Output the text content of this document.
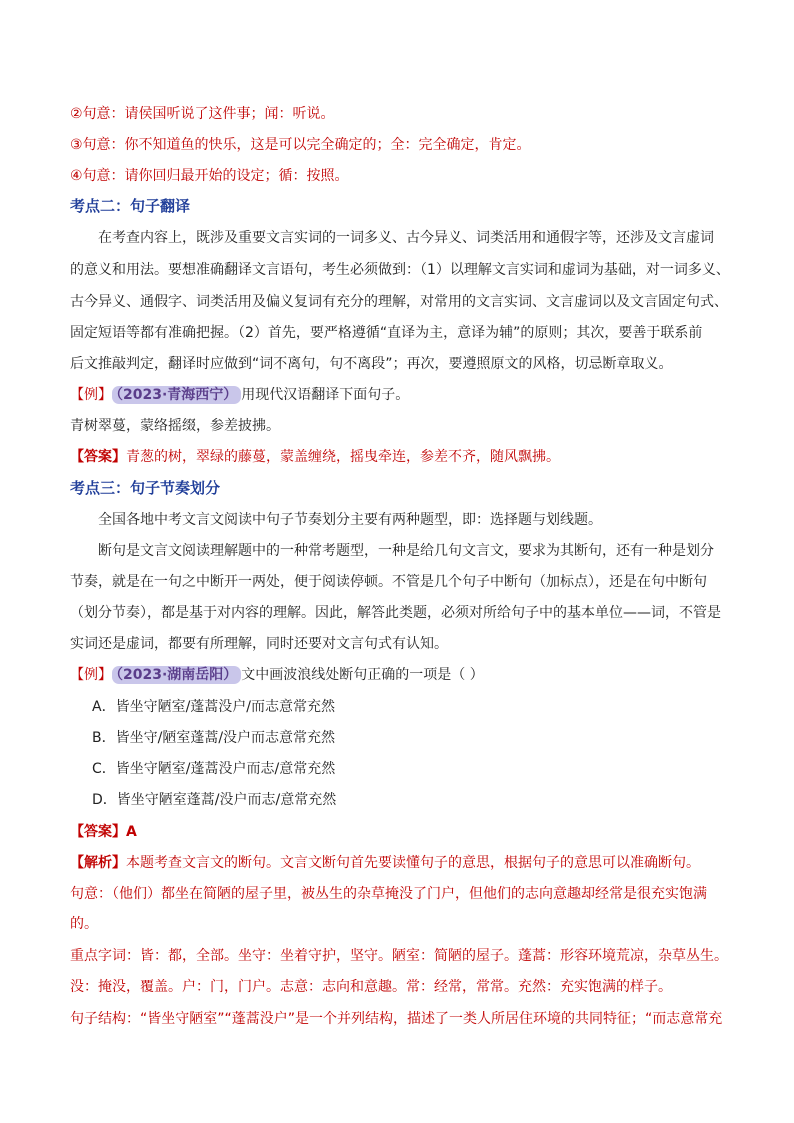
②句意：请侯国听说了这件事；闻：听说。
③句意：你不知道鱼的快乐，这是可以完全确定的；全：完全确定，肯定。
④句意：请你回归最开始的设定；循：按照。
考点二：句子翻译
在考查内容上，既涉及重要文言实词的一词多义、古今异义、词类活用和通假字等，还涉及文言虚词
的意义和用法。要想准确翻译文言语句，考生必须做到：（1）以理解文言实词和虚词为基础，对一词多义、
古今异义、通假字、词类活用及偏义复词有充分的理解，对常用的文言实词、文言虚词以及文言固定句式、
固定短语等都有准确把握。（2）首先，要严格遵循“直译为主，意译为辅”的原则；其次，要善于联系前
后文推敲判定，翻译时应做到“词不离句，句不离段”；再次，要遵照原文的风格，切忌断章取义。
【例】 （2023·青海西宁） 用现代汉语翻译下面句子。
青树翠蔓，蒙络摇缀，参差披拂。
【答案】青葱的树，翠绿的藤蔓，蒙盖缠绕，摇曳牵连，参差不齐，随风飘拂。
考点三：句子节奏划分
全国各地中考文言文阅读中句子节奏划分主要有两种题型，即：选择题与划线题。
断句是文言文阅读理解题中的一种常考题型，一种是给几句文言文，要求为其断句，还有一种是划分
节奏，就是在一句之中断开一两处，便于阅读停顿。不管是几个句子中断句（加标点），还是在句中断句
（划分节奏），都是基于对内容的理解。因此，解答此类题，必须对所给句子中的基本单位——词，不管是
实词还是虚词，都要有所理解，同时还要对文言句式有认知。
【例】 （2023·湖南岳阳） 文中画波浪线处断句正确的一项是（ ）
A．皆坐守陋室/蓬蒿没户/而志意常充然
B．皆坐守/陋室蓬蒿/没户而志意常充然
C．皆坐守陋室/蓬蒿没户而志/意常充然
D．皆坐守陋室蓬蒿/没户而志/意常充然
【答案】A
【解析】本题考查文言文的断句。文言文断句首先要读懂句子的意思，根据句子的意思可以准确断句。
句意：（他们）都坐在简陋的屋子里，被丛生的杂草掩没了门户，但他们的志向意趣却经常是很充实饱满
的。
重点字词：皆：都，全部。坐守：坐着守护，坚守。陋室：简陋的屋子。蓬蒿：形容环境荒凉，杂草丛生。
没：掩没，覆盖。户：门，门户。志意：志向和意趣。常：经常，常常。充然：充实饱满的样子。
句子结构：“皆坐守陋室”“蓬蒿没户”是一个并列结构，描述了一类人所居住环境的共同特征；“而志意常充
